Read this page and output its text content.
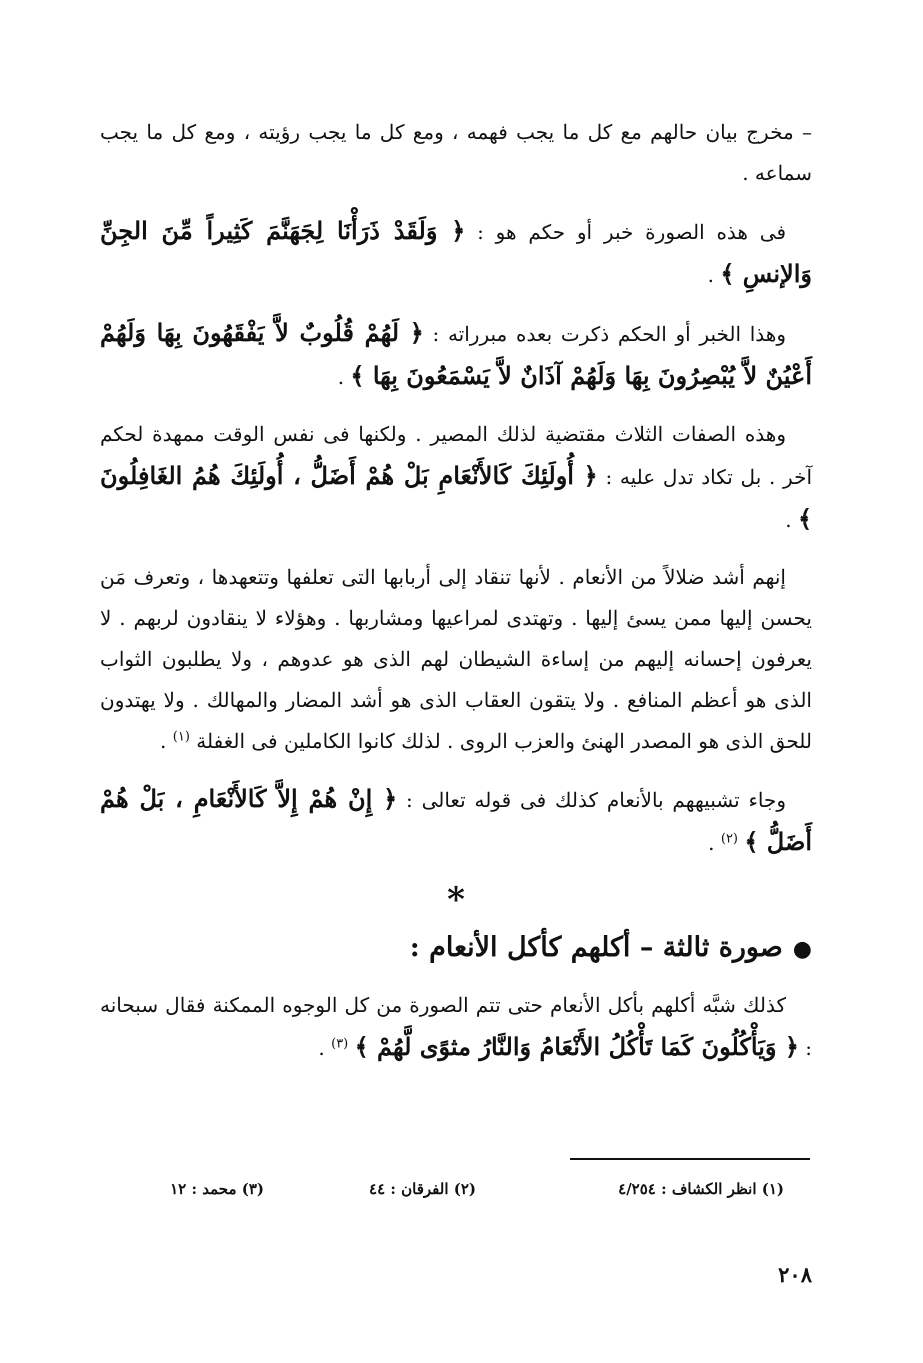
– مخرج بيان حالهم مع كل ما يجب فهمه ، ومع كل ما يجب رؤيته ، ومع كل ما يجب سماعه .

فى هذه الصورة خبر أو حكم هو : ﴿ وَلَقَدْ ذَرَأْنَا لِجَهَنَّمَ كَثِيراً مِّنَ الجِنِّ وَالإنسِ ﴾ .

وهذا الخبر أو الحكم ذكرت بعده مبرراته : ﴿ لَهُمْ قُلُوبٌ لاَّ يَفْقَهُونَ بِهَا وَلَهُمْ أَعْيُنٌ لاَّ يُبْصِرُونَ بِهَا وَلَهُمْ آذَانٌ لاَّ يَسْمَعُونَ بِهَا ﴾ .

وهذه الصفات الثلاث مقتضية لذلك المصير . ولكنها فى نفس الوقت ممهدة لحكم آخر . بل تكاد تدل عليه : ﴿ أُولَئِكَ كَالأَنْعَامِ بَلْ هُمْ أَضَلُّ ، أُولَئِكَ هُمُ الغَافِلُونَ ﴾ .

إنهم أشد ضلالاً من الأنعام . لأنها تنقاد إلى أربابها التى تعلفها وتتعهدها ، وتعرف مَن يحسن إليها ممن يسئ إليها . وتهتدى لمراعيها ومشاربها . وهؤلاء لا ينقادون لربهم . لا يعرفون إحسانه إليهم من إساءة الشيطان لهم الذى هو عدوهم ، ولا يطلبون الثواب الذى هو أعظم المنافع . ولا يتقون العقاب الذى هو أشد المضار والمهالك . ولا يهتدون للحق الذى هو المصدر الهنئ والعزب الروى . لذلك كانوا الكاملين فى الغفلة $^{(١)}$ .

وجاء تشبيههم بالأنعام كذلك فى قوله تعالى : ﴿ إِنْ هُمْ إِلاَّ كَالأَنْعَامِ ، بَلْ هُمْ أَضَلُّ ﴾ $^{(٢)}$ .

*
●صورة ثالثة – أكلهم كأكل الأنعام :

كذلك شبَّه أكلهم بأكل الأنعام حتى تتم الصورة من كل الوجوه الممكنة فقال سبحانه : ﴿ وَيَأْكُلُونَ كَمَا تَأْكُلُ الأَنْعَامُ وَالنَّارُ مثوًى لَّهُمْ ﴾ $^{(٣)}$ .

(١) انظر الكشاف : ٤/٢٥٤
(٢) الفرقان : ٤٤
(٣) محمد : ١٢
٢٠٨
